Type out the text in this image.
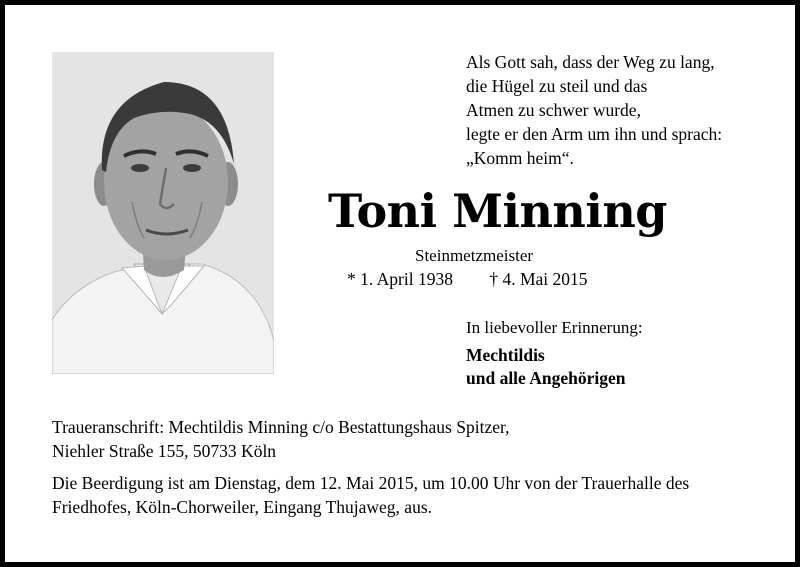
Als Gott sah, dass der Weg zu lang,
die Hügel zu steil und das
Atmen zu schwer wurde,
legte er den Arm um ihn und sprach:
„Komm heim“.
Toni Minning
Steinmetzmeister
* 1. April 1938 † 4. Mai 2015
In liebevoller Erinnerung:
Mechtildis
und alle Angehörigen
Traueranschrift: Mechtildis Minning c/o Bestattungshaus Spitzer,
Niehler Straße 155, 50733 Köln
Die Beerdigung ist am Dienstag, dem 12. Mai 2015, um 10.00 Uhr von der Trauerhalle des
Friedhofes, Köln-Chorweiler, Eingang Thujaweg, aus.
